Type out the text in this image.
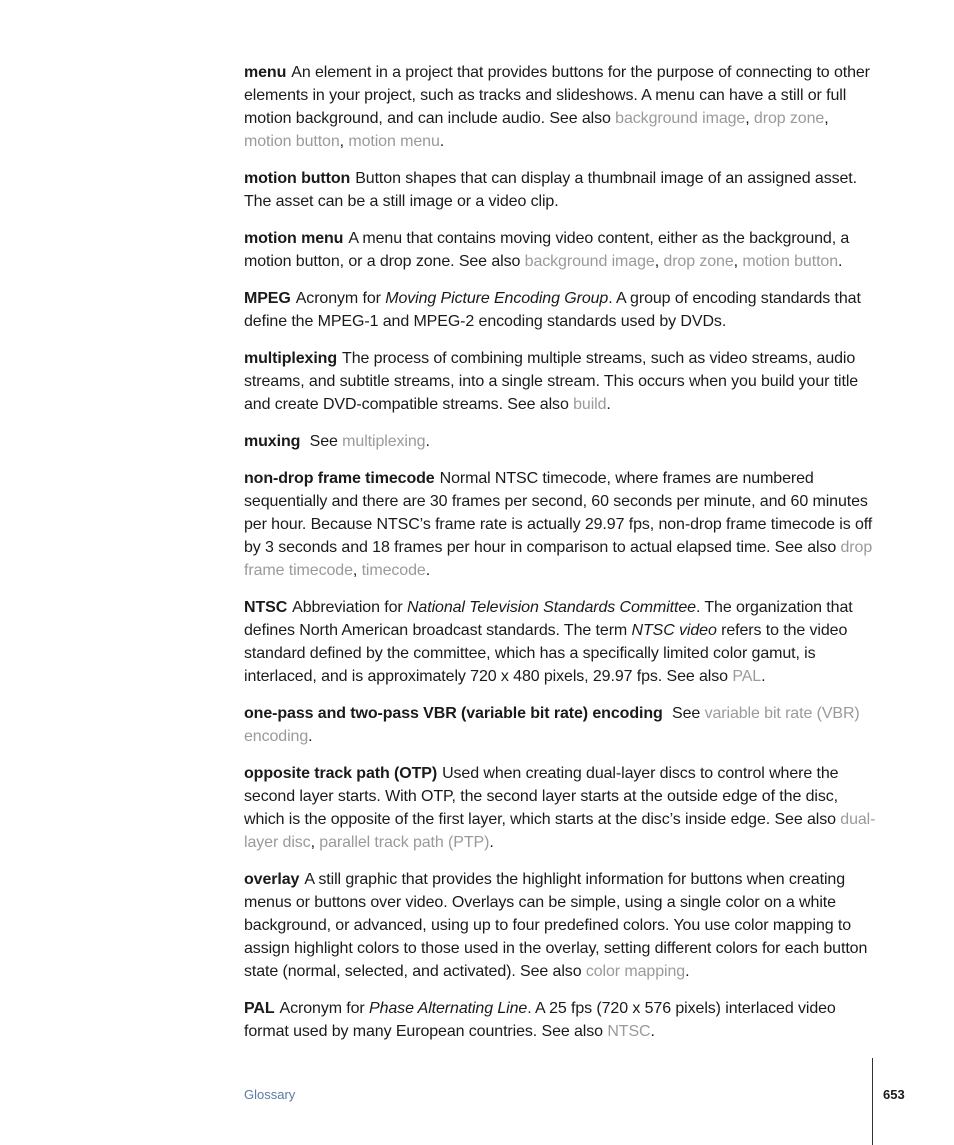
menu An element in a project that provides buttons for the purpose of connecting to other elements in your project, such as tracks and slideshows. A menu can have a still or full motion background, and can include audio. See also background image, drop zone, motion button, motion menu.

motion button Button shapes that can display a thumbnail image of an assigned asset. The asset can be a still image or a video clip.

motion menu A menu that contains moving video content, either as the background, a motion button, or a drop zone. See also background image, drop zone, motion button.

MPEG Acronym for Moving Picture Encoding Group. A group of encoding standards that define the MPEG-1 and MPEG-2 encoding standards used by DVDs.

multiplexing The process of combining multiple streams, such as video streams, audio streams, and subtitle streams, into a single stream. This occurs when you build your title and create DVD-compatible streams. See also build.

muxing See multiplexing.

non-drop frame timecode Normal NTSC timecode, where frames are numbered sequentially and there are 30 frames per second, 60 seconds per minute, and 60 minutes per hour. Because NTSC’s frame rate is actually 29.97 fps, non-drop frame timecode is off by 3 seconds and 18 frames per hour in comparison to actual elapsed time. See also drop frame timecode, timecode.

NTSC Abbreviation for National Television Standards Committee. The organization that defines North American broadcast standards. The term NTSC video refers to the video standard defined by the committee, which has a specifically limited color gamut, is interlaced, and is approximately 720 x 480 pixels, 29.97 fps. See also PAL.

one-pass and two-pass VBR (variable bit rate) encoding See variable bit rate (VBR) encoding.

opposite track path (OTP) Used when creating dual-layer discs to control where the second layer starts. With OTP, the second layer starts at the outside edge of the disc, which is the opposite of the first layer, which starts at the disc’s inside edge. See also dual-layer disc, parallel track path (PTP).

overlay A still graphic that provides the highlight information for buttons when creating menus or buttons over video. Overlays can be simple, using a single color on a white background, or advanced, using up to four predefined colors. You use color mapping to assign highlight colors to those used in the overlay, setting different colors for each button state (normal, selected, and activated). See also color mapping.

PAL Acronym for Phase Alternating Line. A 25 fps (720 x 576 pixels) interlaced video format used by many European countries. See also NTSC.

Glossary	653
